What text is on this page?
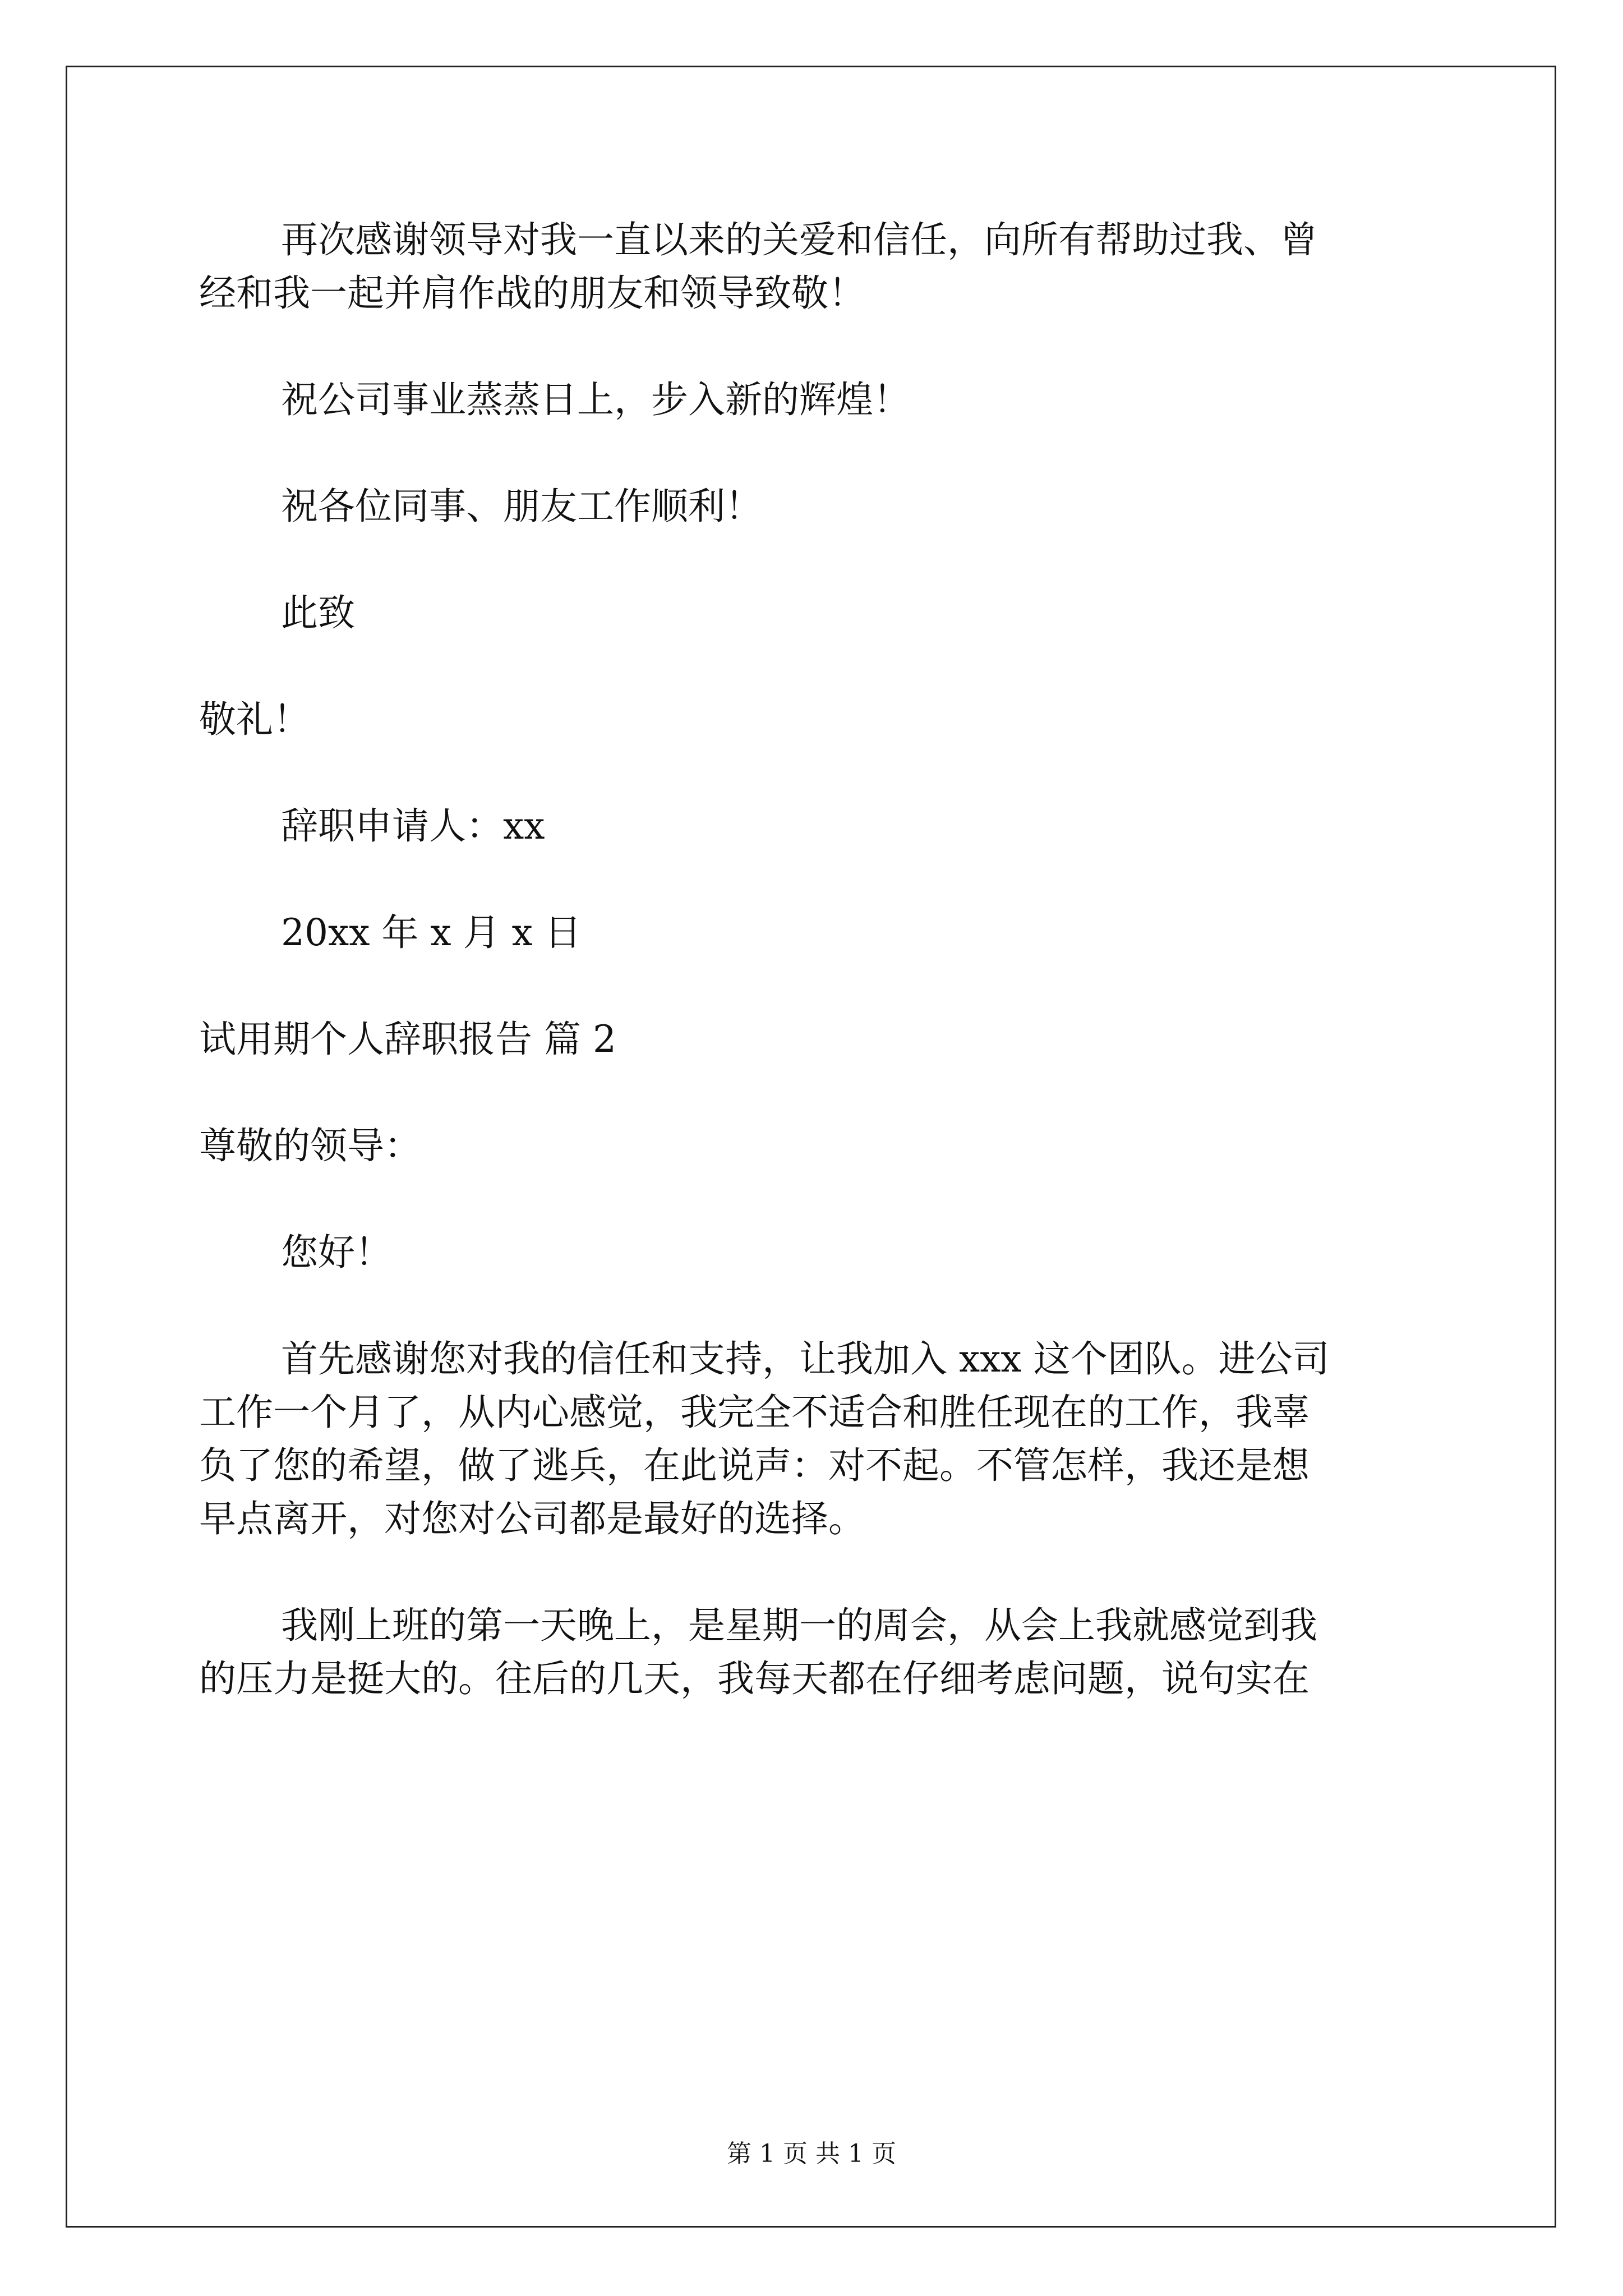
再次感谢领导对我一直以来的关爱和信任，向所有帮助过我、曾
经和我一起并肩作战的朋友和领导致敬！
祝公司事业蒸蒸日上，步入新的辉煌！
祝各位同事、朋友工作顺利！
此致
敬礼！
辞职申请人：xx
20xx 年 x 月 x 日
试用期个人辞职报告 篇 2
尊敬的领导：
您好！
首先感谢您对我的信任和支持，让我加入 xxx 这个团队。进公司
工作一个月了，从内心感觉，我完全不适合和胜任现在的工作，我辜
负了您的希望，做了逃兵，在此说声：对不起。不管怎样，我还是想
早点离开，对您对公司都是最好的选择。
我刚上班的第一天晚上，是星期一的周会，从会上我就感觉到我
的压力是挺大的。往后的几天，我每天都在仔细考虑问题，说句实在
第 1 页 共 1 页
